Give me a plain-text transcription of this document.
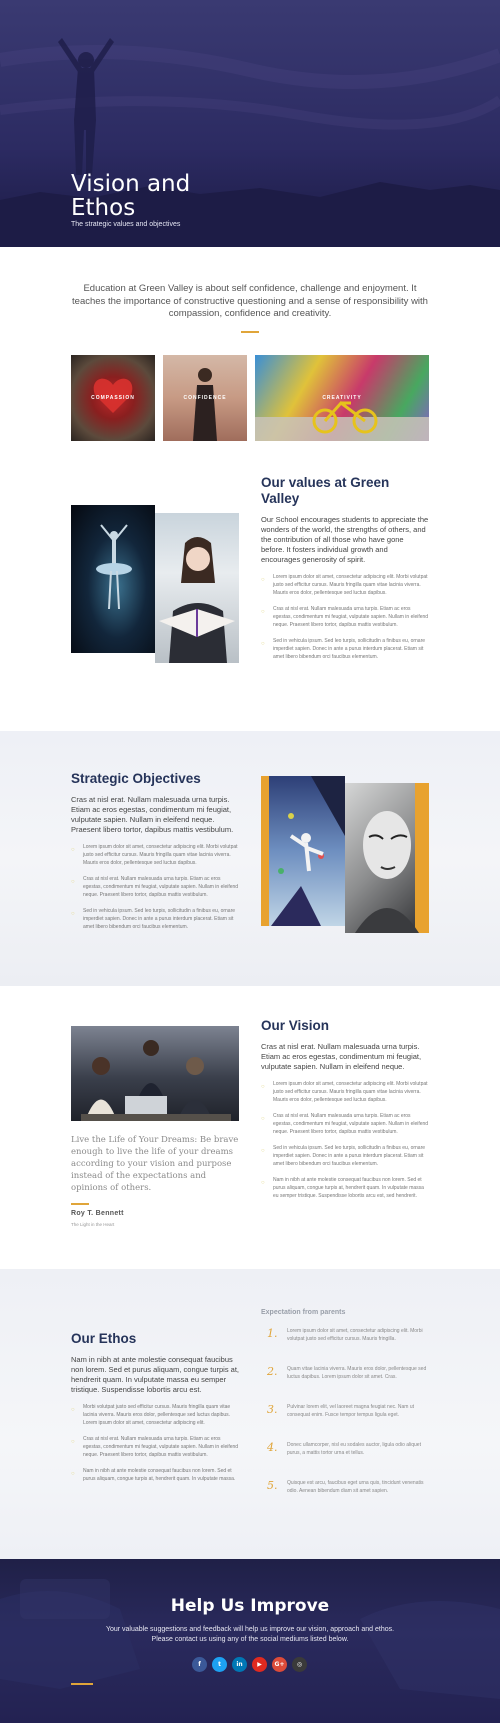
Vision and
Ethos

The strategic values and objectives

Education at Green Valley is about self confidence, challenge and enjoyment. It teaches the importance of constructive questioning and a sense of responsibility with compassion, confidence and creativity.

COMPASSION	CONFIDENCE	CREATIVITY
Our values at Green Valley

Our School encourages students to appreciate the wonders of the world, the strengths of others, and the contribution of all those who have gone before. It fosters individual growth and encourages generosity of spirit.

○	Lorem ipsum dolor sit amet, consectetur adipiscing elit. Morbi volutpat justo sed efficitur cursus. Mauris fringilla quam vitae lacinia viverra. Mauris eros dolor, pellentesque sed luctus dapibus.
○	Cras at nisl erat. Nullam malesuada urna turpis. Etiam ac eros egestas, condimentum mi feugiat, vulputate sapien. Nullam in eleifend neque. Praesent libero tortor, dapibus mattis vestibulum.
○	Sed in vehicula ipsum. Sed leo turpis, sollicitudin a finibus eu, ornare imperdiet sapien. Donec in ante a purus interdum placerat. Etiam sit amet libero bibendum orci faucibus elementum.
Strategic Objectives

Cras at nisl erat. Nullam malesuada urna turpis. Etiam ac eros egestas, condimentum mi feugiat, vulputate sapien. Nullam in eleifend neque. Praesent libero tortor, dapibus mattis vestibulum.

○	Lorem ipsum dolor sit amet, consectetur adipiscing elit. Morbi volutpat justo sed efficitur cursus. Mauris fringilla quam vitae lacinia viverra. Mauris eros dolor, pellentesque sed luctus dapibus.
○	Cras at nisl erat. Nullam malesuada urna turpis. Etiam ac eros egestas, condimentum mi feugiat, vulputate sapien. Nullam in eleifend neque. Praesent libero tortor, dapibus mattis vestibulum.
○	Sed in vehicula ipsum. Sed leo turpis, sollicitudin a finibus eu, ornare imperdiet sapien. Donec in ante a purus interdum placerat. Etiam sit amet libero bibendum orci faucibus elementum.

Live the Life of Your Dreams: Be brave enough to live the life of your dreams according to your vision and purpose instead of the expectations and opinions of others.

Roy T. Bennett

The Light in the Heart

Our Vision

Cras at nisl erat. Nullam malesuada urna turpis. Etiam ac eros egestas, condimentum mi feugiat, vulputate sapien. Nullam in eleifend neque.

○	Lorem ipsum dolor sit amet, consectetur adipiscing elit. Morbi volutpat justo sed efficitur cursus. Mauris fringilla quam vitae lacinia viverra. Mauris eros dolor, pellentesque sed luctus dapibus.
○	Cras at nisl erat. Nullam malesuada urna turpis. Etiam ac eros egestas, condimentum mi feugiat, vulputate sapien. Nullam in eleifend neque. Praesent libero tortor, dapibus mattis vestibulum.
○	Sed in vehicula ipsum. Sed leo turpis, sollicitudin a finibus eu, ornare imperdiet sapien. Donec in ante a purus interdum placerat. Etiam sit amet libero bibendum orci faucibus elementum.
○	Nam in nibh at ante molestie consequat faucibus non lorem. Sed et purus aliquam, congue turpis at, hendrerit quam. In vulputate massa eu semper tristique. Suspendisse lobortis arcu est, sed hendrerit.
Our Ethos

Nam in nibh at ante molestie consequat faucibus non lorem. Sed et purus aliquam, congue turpis at, hendrerit quam. In vulputate massa eu semper tristique. Suspendisse lobortis arcu est.

○	Morbi volutpat justo sed efficitur cursus. Mauris fringilla quam vitae lacinia viverra. Mauris eros dolor, pellentesque sed luctus dapibus. Lorem ipsum dolor sit amet, consectetur adipiscing elit.
○	Cras at nisl erat. Nullam malesuada urna turpis. Etiam ac eros egestas, condimentum mi feugiat, vulputate sapien. Nullam in eleifend neque. Praesent libero tortor, dapibus mattis vestibulum.
○	Nam in nibh at ante molestie consequat faucibus non lorem. Sed et purus aliquam, congue turpis at, hendrerit quam. In vulputate massa.
Expectation from parents
1.	Lorem ipsum dolor sit amet, consectetur adipiscing elit. Morbi volutpat justo sed efficitur cursus. Mauris fringilla.
2.	Quam vitae lacinia viverra. Mauris eros dolor, pellentesque sed luctus dapibus. Lorem ipsum dolor sit amet. Cras.
3.	Pulvinar lorem elit, vel laoreet magna feugiat nec. Nam ut consequat enim. Fusce tempor tempus ligula eget.
4.	Donec ullamcorper, nisl eu sodales auctor, ligula odio aliquet purus, a mattis tortor urna et tellus.
5.	Quisque est arcu, faucibus eget urna quis, tincidunt venenatis odio. Aenean bibendum diam sit amet sapien.
Help Us Improve

Your valuable suggestions and feedback will help us improve our vision, approach and ethos.
Please contact us using any of the social mediums listed below.

f	t	in	▶	G+	◎
